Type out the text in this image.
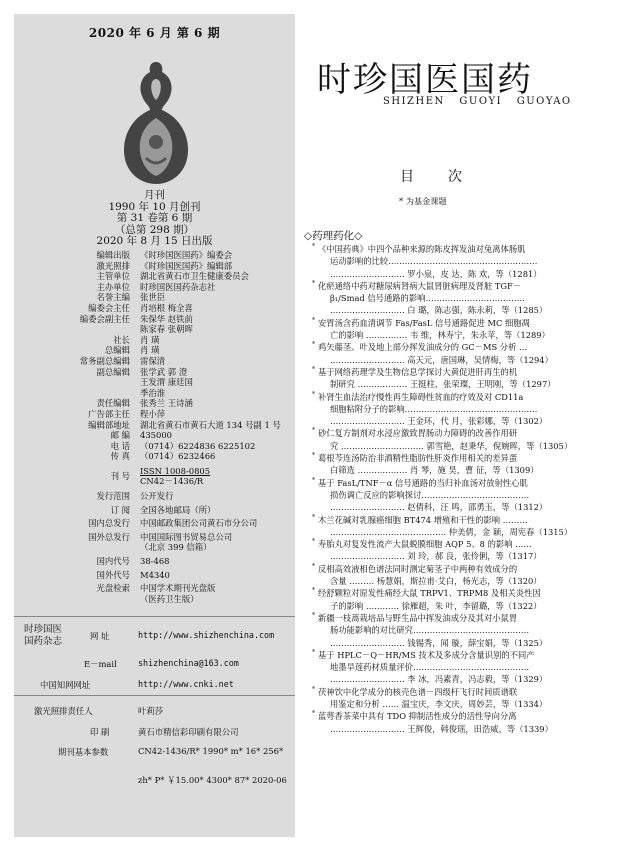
2020 年 6 月 第 6 期
月刊
1990 年 10 月创刊
第 31 卷第 6 期
（总第 298 期）
2020 年 8 月 15 日出版
编辑出版	《时珍国医国药》编委会
激光照排	《时珍国医国药》编辑部
主管单位	湖北省黄石市卫生健康委员会
主办单位	时珍国医国药杂志社
名誉主编	张世臣
编委会主任	肖培根 梅全喜
编委会副主任	朱保华 赵铁前
陈家春 张朝晖
社长	肖 璜
总编辑	肖 璜
常务副总编辑	雷保清
副总编辑	张学武 郭 澄
王发渭 康廷国
季治淮
责任编辑	张秀兰 王诗涵
广告部主任	程小萍
编辑部地址	湖北省黄石市黄石大道 134 号副 1 号
邮 编	435000
电 话	（0714）6224836 6225102
传 真	（0714）6232466
刊 号	ISSN 1008-0805
CN42－1436/R
发行范围	公开发行
订 阅	全国各地邮局（所）
国内总发行	中国邮政集团公司黄石市分公司
国外总发行	中国国际图书贸易总公司
（北京 399 信箱）
国内代号	38-468
国外代号	M4340
光盘检索	中国学术期刊光盘版
（医药卫生版）
时珍国医
国药杂志	网 址	http://www.shizhenchina.com
E－mail	shizhenchina@163.com
中国知网网址	http://www.cnki.net
激光照排责任人	叶莉莎
印 刷	黄石市精信彩印刷有限公司
期刊基本参数	CN42-1436/R* 1990* m* 16* 256*
zh* P* ￥15.00* 4300* 87* 2020-06
时珍国医国药
SHIZHEN GUOYI GUOYAO
目 次
* 为基金课题
◇药理药化◇
* 《中国药典》中四个品种来源的陈皮挥发油对兔离体肠肌
运动影响的比较………………………………………………
……………………… 罗小泉，皮 达，陈 欢，等（1281）
* 化瘀通络中药对糖尿病肾病大鼠肾脏病理及肾脏 TGF－
β₁/Smad 信号通路的影响………………………………
……………………… 白 璐，陈志强，陈永莉，等（1285）
* 安胃汤含药血清调节 Fas/FasL 信号通路促进 MC 细胞凋
亡的影响 …………… 韦 维，林寿宁，朱永苹，等（1289）
* 鸡矢藤茎、叶及地上部分挥发油成分的 GC－MS 分析 …
……………………… 高天元，唐国琳，吴情梅，等（1294）
* 基于网络药理学及生物信息学探讨大黄促进肝再生的机
制研究 ……………… 王挺柱，张荣璨，王明刚，等（1297）
* 补肾生血法治疗慢性再生障碍性贫血的疗效及对 CD11a
细胞粘附分子的影响…………………………………………
……………………… 王金环，代 月，张彩娜，等（1302）
* 砂仁复方制剂对水浸应激致胃肠动力障碍的改善作用研
究 ………………………… 郭雪艳，赵秉华，倪婉晖，等（1305）
* 葛根芩连汤防治非酒精性脂肪性肝炎作用相关的差异蛋
白筛选 ……………… 肖 琴，施 昊，曹 征，等（1309）
* 基于 FasL/TNF－α 信号通路的当归补血汤对放射性心肌
损伤调亡反应的影响探讨…………………………………
……………………… 赵倩科，汪 鸣，邵勇玉，等（1312）
* 木兰花碱对乳腺癌细胞 BT474 增殖和干性的影响 ………
…………………………………… 仲美倩，金 颖，周宪春（1315）
* 寿胎丸对复发性流产大鼠蜕膜细胞 AQP 5、8 的影响 ……
……………………… 刘 玲，郝 良，张伶俐，等（1317）
* 反相高效液相色谱法同时测定菊茎子中两种有效成分的
含量 ……… 杨慧娟，斯拉甫·艾白，杨光志，等（1320）
* 经舒颗粒对原发性痛经大鼠 TRPV1、TRPM8 及相关炎性因
子的影响 ………… 徐雁超，朱 叶，李留璐，等（1322）
* 新疆一枝蒿栽培品与野生品中挥发油成分及其对小鼠胃
肠功能影响的对比研究……………………………………
……………………… 钱锡秀，闻 璇，薛宝娟，等（1325）
* 基于 HPLC－Q－HR/MS 技术及多成分含量识别的不同产
地墨旱莲药材质量评价……………………………………
……………………… 李 冰，冯素青，冯志毅，等（1329）
* 茯神饮中化学成分的核壳色谱－四级杆飞行时间质谱联
用鉴定和分析 …… 温宝庆，李文庆，周妙芸，等（1334）
* 蓝萼香茶菜中具有 TDO 抑制活性成分的活性导向分离
……………………… 王辉俊，韩俊瑶，田浩威，等（1339）
